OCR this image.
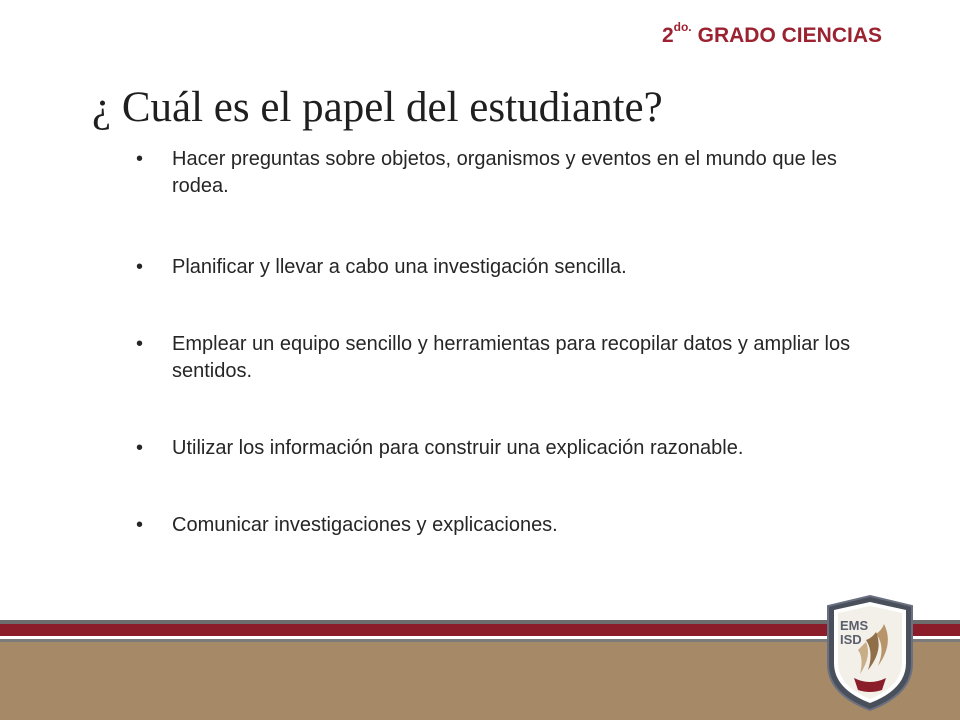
$2^{do.}$ GRADO CIENCIAS
¿ Cuál es el papel del estudiante?
• Hacer preguntas sobre objetos, organismos y eventos en el mundo que les rodea.
• Planificar y llevar a cabo una investigación sencilla.
• Emplear un equipo sencillo y herramientas para recopilar datos y ampliar los sentidos.
• Utilizar los información para construir una explicación razonable.
• Comunicar investigaciones y explicaciones.
EMS
ISD
